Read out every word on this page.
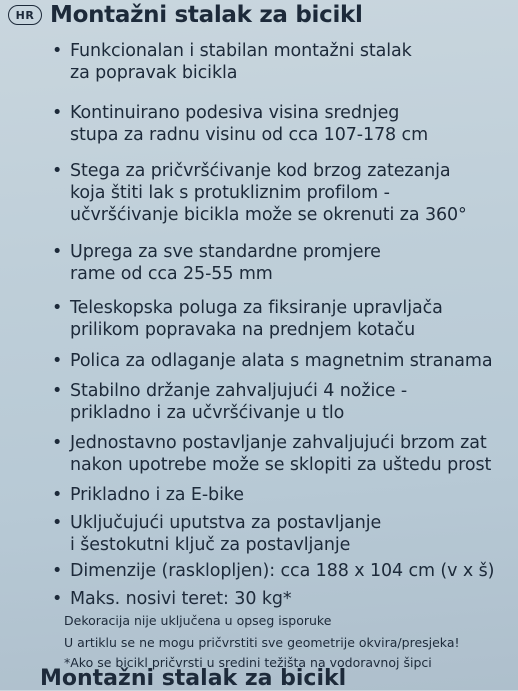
HR Montažni stalak za bicikl
• Funkcionalan i stabilan montažni stalak
za popravak bicikla
• Kontinuirano podesiva visina srednjeg
stupa za radnu visinu od cca 107-178 cm
• Stega za pričvršćivanje kod brzog zatezanja
koja štiti lak s protukliznim profilom -
učvršćivanje bicikla može se okrenuti za 360°
• Uprega za sve standardne promjere
rame od cca 25-55 mm
• Teleskopska poluga za fiksiranje upravljača
prilikom popravaka na prednjem kotaču
• Polica za odlaganje alata s magnetnim stranama
• Stabilno držanje zahvaljujući 4 nožice -
prikladno i za učvršćivanje u tlo
• Jednostavno postavljanje zahvaljujući brzom zat
nakon upotrebe može se sklopiti za uštedu prost
• Prikladno i za E-bike
• Uključujući uputstva za postavljanje
i šestokutni ključ za postavljanje
• Dimenzije (rasklopljen): cca 188 x 104 cm (v x š)
• Maks. nosivi teret: 30 kg*
Dekoracija nije uključena u opseg isporuke
U artiklu se ne mogu pričvrstiti sve geometrije okvira/presjeka!
*Ako se bicikl pričvrsti u sredini težišta na vodoravnoj šipci
Montažni stalak za bicikl
